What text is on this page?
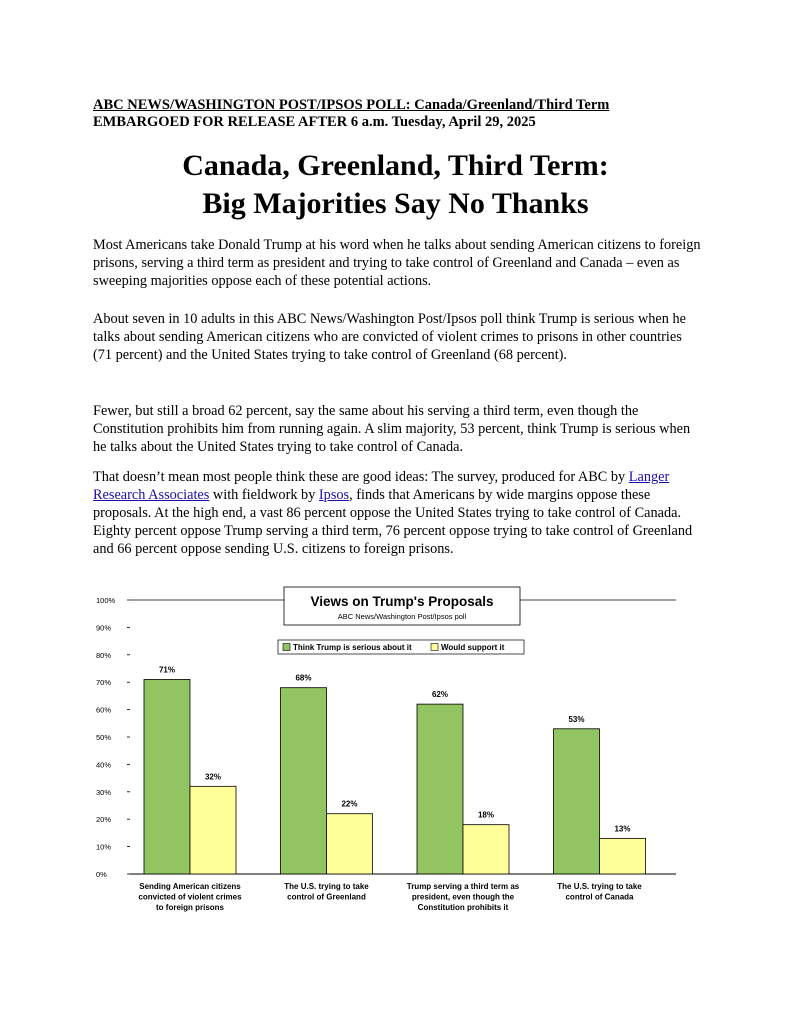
ABC NEWS/WASHINGTON POST/IPSOS POLL: Canada/Greenland/Third Term
EMBARGOED FOR RELEASE AFTER 6 a.m. Tuesday, April 29, 2025
Canada, Greenland, Third Term:
Big Majorities Say No Thanks

Most Americans take Donald Trump at his word when he talks about sending American citizens to foreign prisons, serving a third term as president and trying to take control of Greenland and Canada – even as sweeping majorities oppose each of these potential actions.

About seven in 10 adults in this ABC News/Washington Post/Ipsos poll think Trump is serious when he talks about sending American citizens who are convicted of violent crimes to prisons in other countries (71 percent) and the United States trying to take control of Greenland (68 percent).

Fewer, but still a broad 62 percent, say the same about his serving a third term, even though the Constitution prohibits him from running again. A slim majority, 53 percent, think Trump is serious when he talks about the United States trying to take control of Canada.

That doesn’t mean most people think these are good ideas: The survey, produced for ABC by Langer Research Associates with fieldwork by Ipsos, finds that Americans by wide margins oppose these proposals. At the high end, a vast 86 percent oppose the United States trying to take control of Canada. Eighty percent oppose Trump serving a third term, 76 percent oppose trying to take control of Greenland and 66 percent oppose sending U.S. citizens to foreign prisons.

0%
10%
20%
30%
40%
50%
60%
70%
80%
90%
100%	Views on Trump's Proposals
ABC News/Washington Post/Ipsos poll
Think Trump is serious about it	Would support it
71%
32%
Sending American citizens
convicted of violent crimes
to foreign prisons
68%
22%
The U.S. trying to take
control of Greenland
62%
18%
Trump serving a third term as
president, even though the
Constitution prohibits it
53%
13%
The U.S. trying to take
control of Canada
